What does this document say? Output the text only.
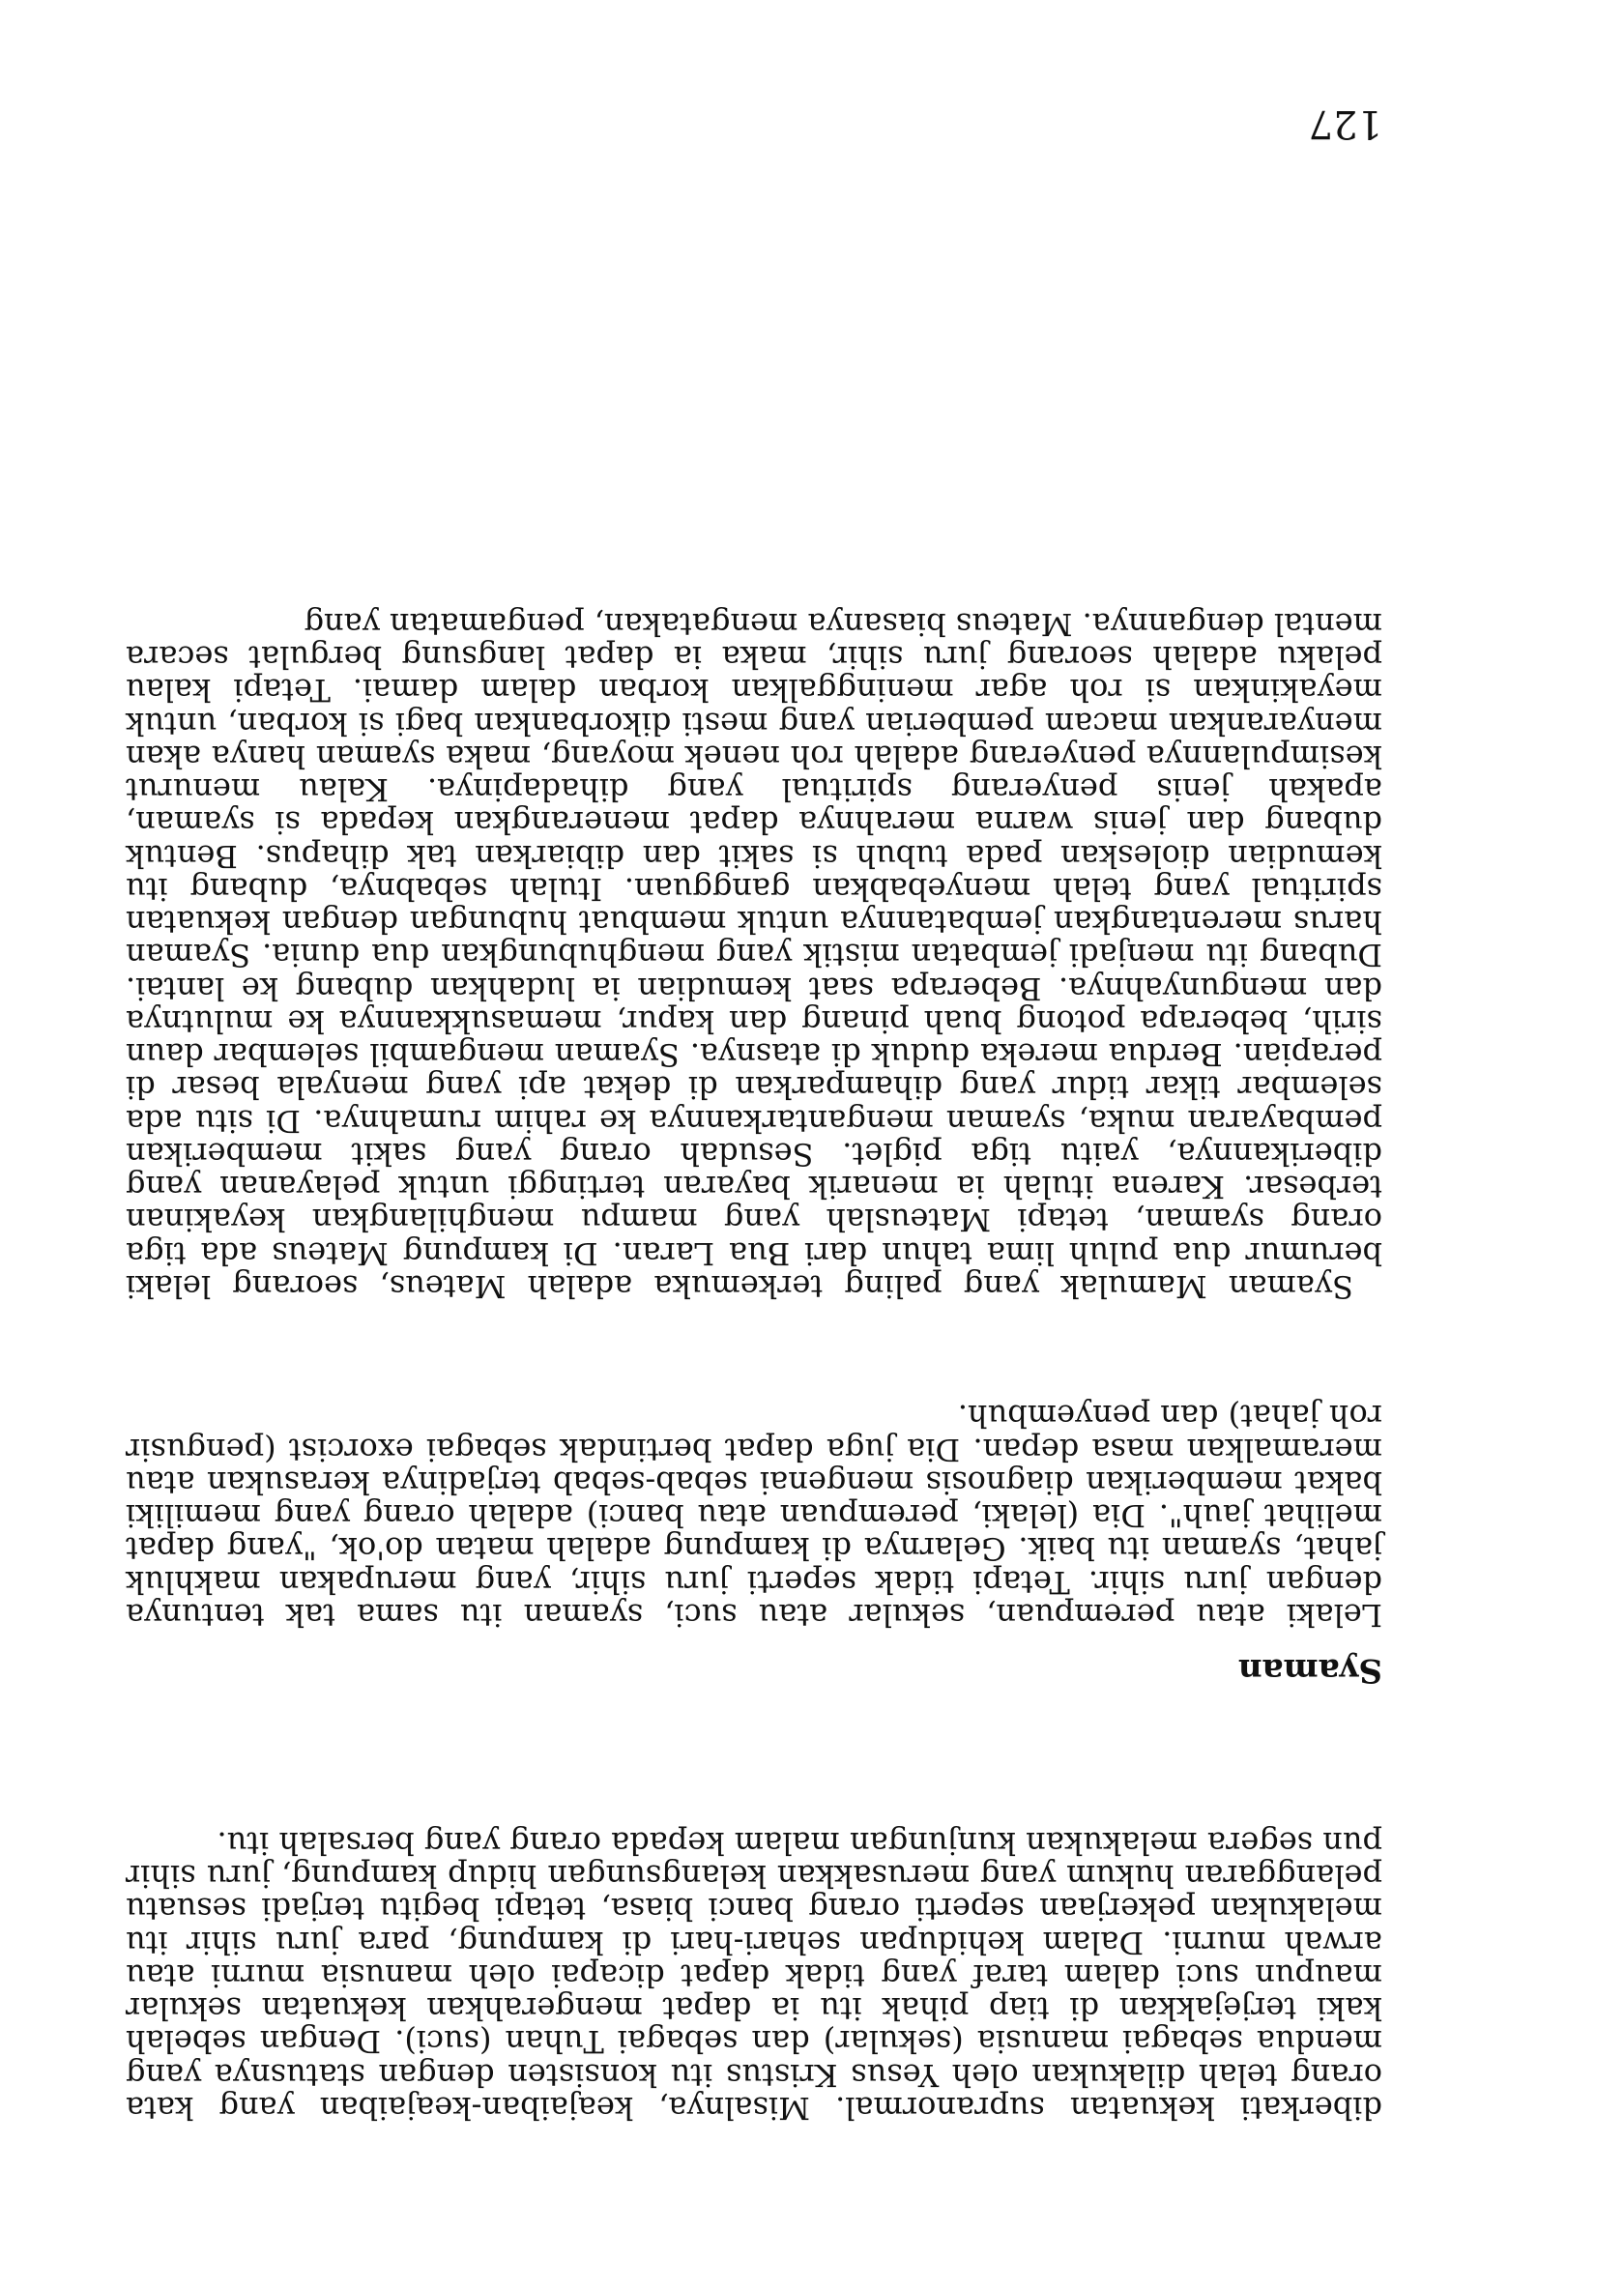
127

Syaman Mamulak yang paling terkemuka adalah Mateus, seorang lelaki berumur dua puluh lima tahun dari Bua Laran. Di kampung Mateus ada tiga orang syaman, tetapi Mateuslah yang mampu menghilangkan keyakinan terbesar. Karena itulah ia menarik bayaran tertinggi untuk pelayanan yang diberikannya, yaitu tiga piglet. Sesudah orang yang sakit memberikan pembayaran muka, syaman mengantarkannya ke rahim rumahnya. Di situ ada selembar tikar tidur yang dihamparkan di dekat api yang menyala besar di perapian. Berdua mereka duduk di atasnya. Syaman mengambil selembar daun sirih, beberapa potong buah pinang dan kapur, memasukkannya ke mulutnya dan mengunyahnya. Beberapa saat kemudian ia ludahkan dubang ke lantai. Dubang itu menjadi jembatan mistik yang menghubungkan dua dunia. Syaman harus merentangkan jembatannya untuk membuat hubungan dengan kekuatan spiritual yang telah menyebabkan gangguan. Itulah sebabnya, dubang itu kemudian dioleskan pada tubuh si sakit dan dibiarkan tak dihapus. Bentuk dubang dan jenis warna merahnya dapat menerangkan kepada si syaman, apakah jenis penyerang spiritual yang dihadapinya. Kalau menurut kesimpulannya penyerang adalah roh nenek moyang, maka syaman hanya akan menyarankan macam pemberian yang mesti dikorbankan bagi si korban, untuk meyakinkan si roh agar meninggalkan korban dalam damai. Tetapi kalau pelaku adalah seorang juru sihir, maka ia dapat langsung bergulat secara mental dengannya. Mateus biasanya mengatakan, pengamatan yang

Lelaki atau perempuan, sekular atau suci, syaman itu sama tak tentunya dengan juru sihir. Tetapi tidak seperti juru sihir, yang merupakan makhluk jahat, syaman itu baik. Gelarnya di kampung adalah matan do'ok, "yang dapat melihat jauh". Dia (lelaki, perempuan atau banci) adalah orang yang memiliki bakat memberikan diagnosis mengenai sebab-sebab terjadinya kerasukan atau meramalkan masa depan. Dia juga dapat bertindak sebagai exorcist (pengusir roh jahat) dan penyembuh.

Syaman

diberkati kekuatan supranormal. Misalnya, keajaiban-keajaiban yang kata orang telah dilakukan oleh Yesus Kristus itu konsisten dengan statusnya yang mendua sebagai manusia (sekular) dan sebagai Tuhan (suci). Dengan sebelah kaki terjejakkan di tiap pihak itu ia dapat mengerahkan kekuatan sekular maupun suci dalam taraf yang tidak dapat dicapai oleh manusia murni atau arwah murni. Dalam kehidupan sehari-hari di kampung, para juru sihir itu melakukan pekerjaan seperti orang banci biasa, tetapi begitu terjadi sesuatu pelanggaran hukum yang merusakkan kelangsungan hidup kampung, juru sihir pun segera melakukan kunjungan malam kepada orang yang bersalah itu.
